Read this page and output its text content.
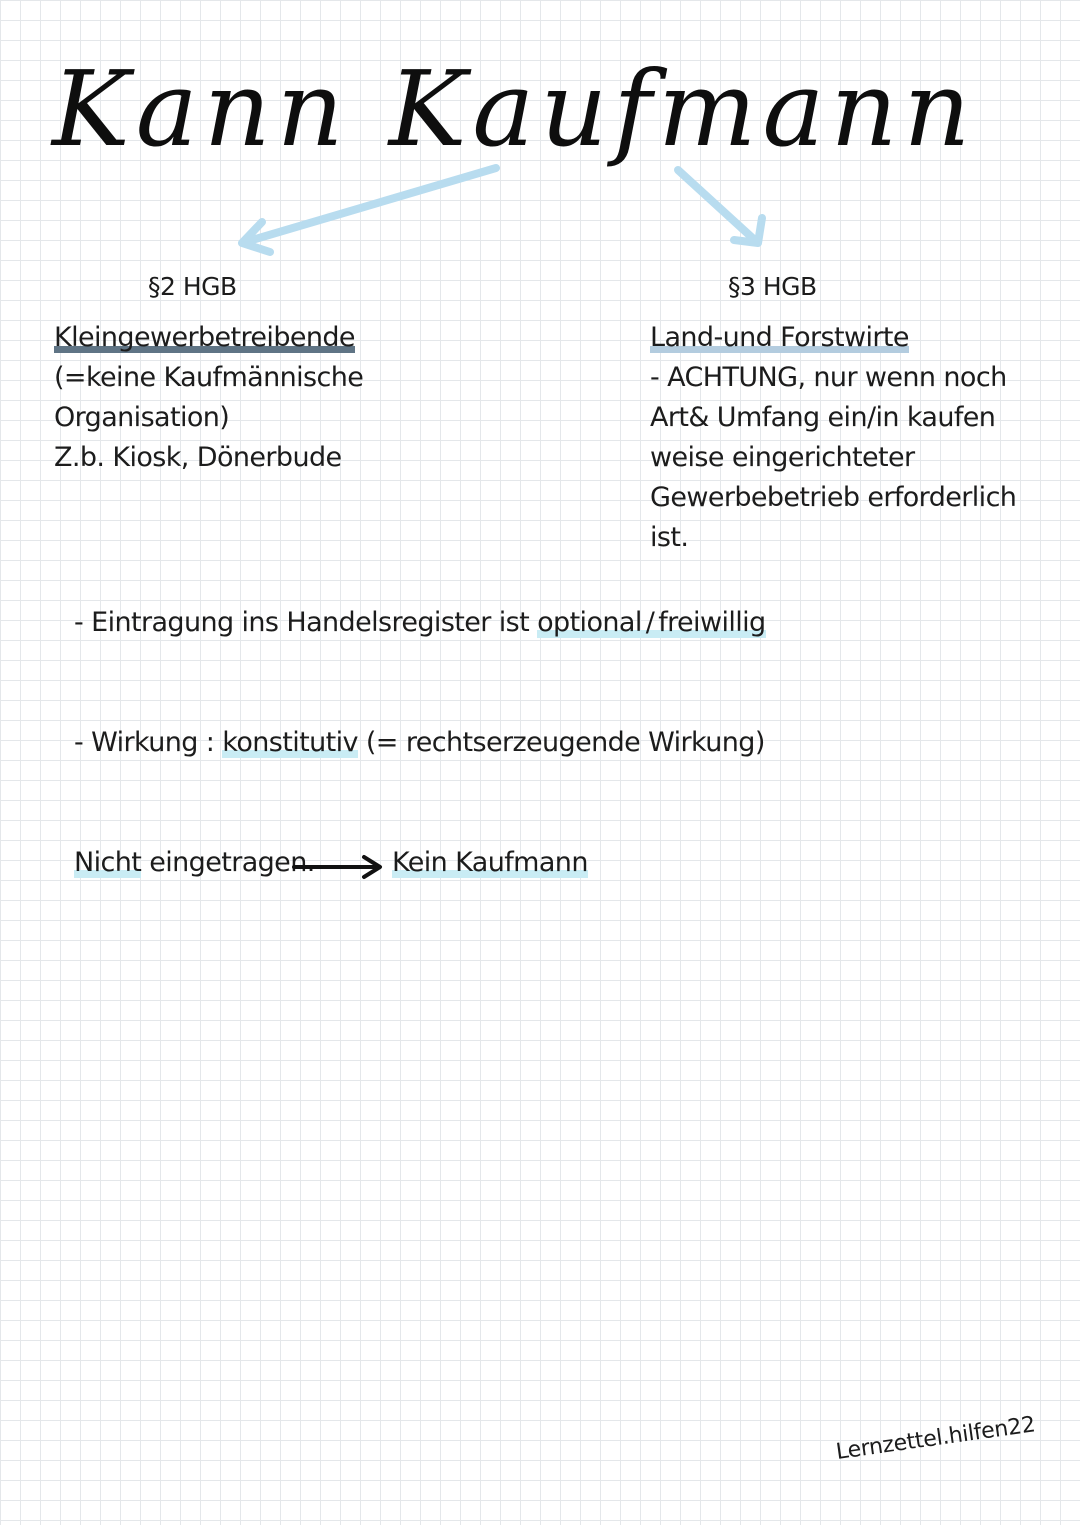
Kann Kaufmann
§2 HGB
Kleingewerbetreibende
(=keine Kaufmännische
Organisation)
Z.b. Kiosk, Dönerbude
§3 HGB
Land-und Forstwirte
- ACHTUNG, nur wenn noch
Art& Umfang ein/in kaufen
weise eingerichteter
Gewerbebetrieb erforderlich
ist.
- Eintragung ins Handelsregister ist optional / freiwillig
- Wirkung : konstitutiv (= rechtserzeugende Wirkung)
Nicht eingetragen.	Kein Kaufmann
Lernzettel.hilfen22
